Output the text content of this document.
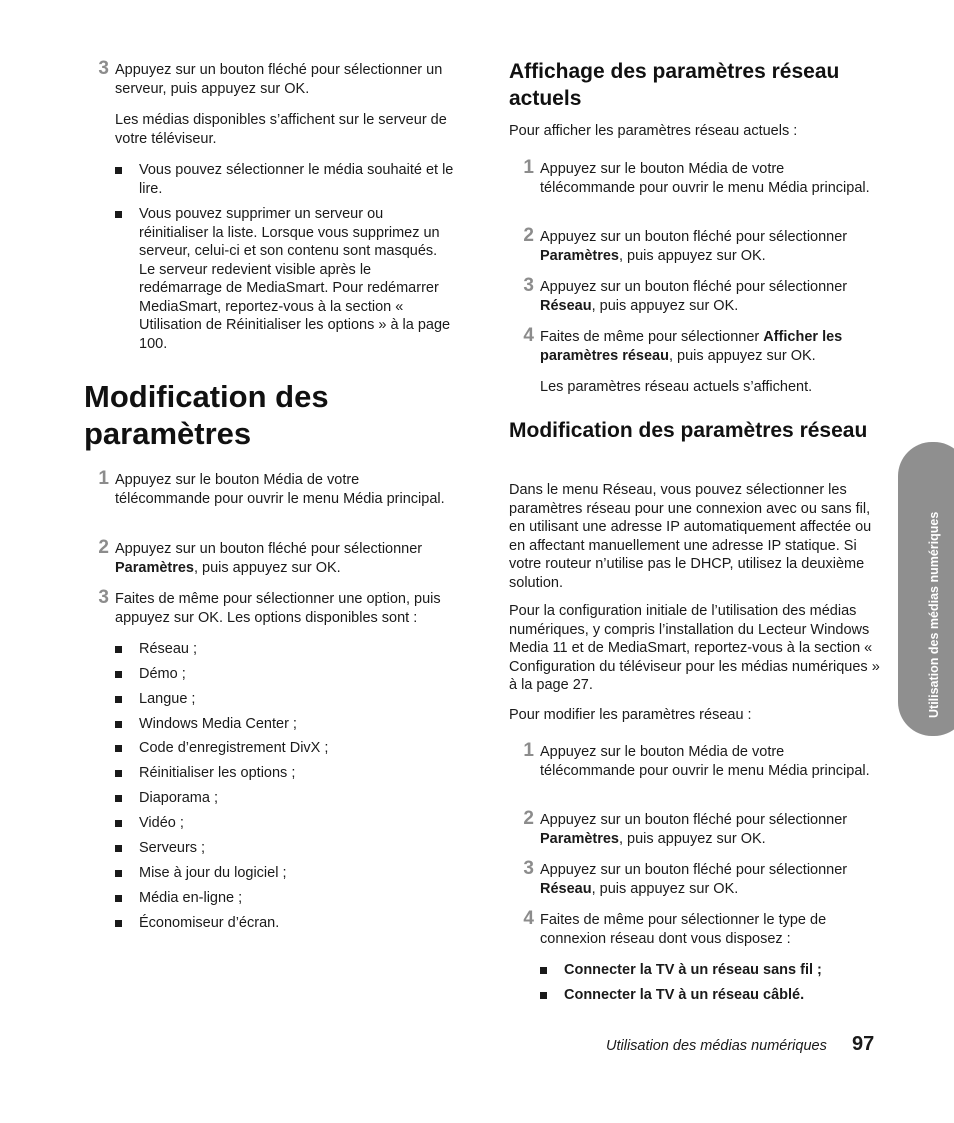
3 Appuyez sur un bouton fléché pour sélectionner un serveur, puis appuyez sur OK.

Les médias disponibles s’affichent sur le serveur de votre téléviseur.

Vous pouvez sélectionner le média souhaité et le lire.
Vous pouvez supprimer un serveur ou réinitialiser la liste. Lorsque vous supprimez un serveur, celui-ci et son contenu sont masqués. Le serveur redevient visible après le redémarrage de MediaSmart. Pour redémarrer MediaSmart, reportez-vous à la section « Utilisation de Réinitialiser les options » à la page 100.
Modification des paramètres
1 Appuyez sur le bouton Média de votre télécommande pour ouvrir le menu Média principal.

2 Appuyez sur un bouton fléché pour sélectionner Paramètres, puis appuyez sur OK.

3 Faites de même pour sélectionner une option, puis appuyez sur OK. Les options disponibles sont :

Réseau ;
Démo ;
Langue ;
Windows Media Center ;
Code d’enregistrement DivX ;
Réinitialiser les options ;
Diaporama ;
Vidéo ;
Serveurs ;
Mise à jour du logiciel ;
Média en-ligne ;
Économiseur d’écran.
Affichage des paramètres réseau actuels

Pour afficher les paramètres réseau actuels :

1 Appuyez sur le bouton Média de votre télécommande pour ouvrir le menu Média principal.

2 Appuyez sur un bouton fléché pour sélectionner Paramètres, puis appuyez sur OK.

3 Appuyez sur un bouton fléché pour sélectionner Réseau, puis appuyez sur OK.

4 Faites de même pour sélectionner Afficher les paramètres réseau, puis appuyez sur OK.

Les paramètres réseau actuels s’affichent.

Modification des paramètres réseau

Dans le menu Réseau, vous pouvez sélectionner les paramètres réseau pour une connexion avec ou sans fil, en utilisant une adresse IP automatiquement affectée ou en affectant manuellement une adresse IP statique. Si votre routeur n’utilise pas le DHCP, utilisez la deuxième solution.

Pour la configuration initiale de l’utilisation des médias numériques, y compris l’installation du Lecteur Windows Media 11 et de MediaSmart, reportez-vous à la section « Configuration du téléviseur pour les médias numériques » à la page 27.

Pour modifier les paramètres réseau :

1 Appuyez sur le bouton Média de votre télécommande pour ouvrir le menu Média principal.

2 Appuyez sur un bouton fléché pour sélectionner Paramètres, puis appuyez sur OK.

3 Appuyez sur un bouton fléché pour sélectionner Réseau, puis appuyez sur OK.

4 Faites de même pour sélectionner le type de connexion réseau dont vous disposez :

Connecter la TV à un réseau sans fil ;
Connecter la TV à un réseau câblé.
Utilisation des médias numériques
Utilisation des médias numériques 97
